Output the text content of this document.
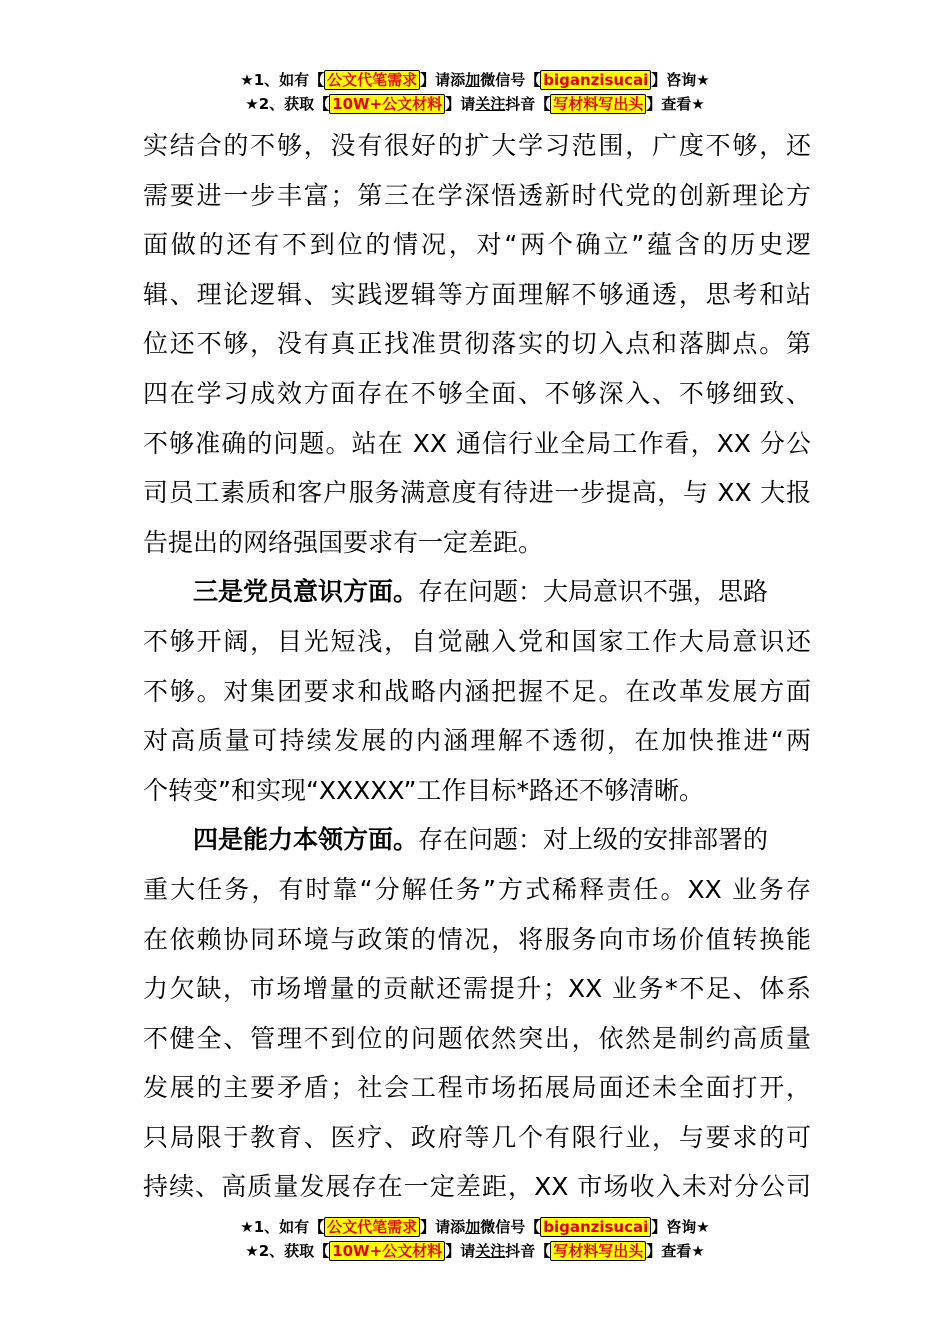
★1、如有【 公文代笔需求 】请添加微信号【 biganzisucai 】咨询★
★2、获取【 10W+公文材料 】请关注抖音【 写材料写出头 】查看★
实结合的不够，没有很好的扩大学习范围，广度不够，还
需要进一步丰富；第三在学深悟透新时代党的创新理论方
面做的还有不到位的情况，对“两个确立”蕴含的历史逻
辑、理论逻辑、实践逻辑等方面理解不够通透，思考和站
位还不够，没有真正找准贯彻落实的切入点和落脚点。第
四在学习成效方面存在不够全面、不够深入、不够细致、
不够准确的问题。站在 XX 通信行业全局工作看，XX 分公
司员工素质和客户服务满意度有待进一步提高，与 XX 大报
告提出的网络强国要求有一定差距。
三是党员意识方面。存在问题：大局意识不强，思路
不够开阔，目光短浅，自觉融入党和国家工作大局意识还
不够。对集团要求和战略内涵把握不足。在改革发展方面
对高质量可持续发展的内涵理解不透彻，在加快推进“两
个转变”和实现“XXXXX”工作目标*路还不够清晰。
四是能力本领方面。存在问题：对上级的安排部署的
重大任务，有时靠“分解任务”方式稀释责任。XX 业务存
在依赖协同环境与政策的情况，将服务向市场价值转换能
力欠缺，市场增量的贡献还需提升；XX 业务*不足、体系
不健全、管理不到位的问题依然突出，依然是制约高质量
发展的主要矛盾；社会工程市场拓展局面还未全面打开，
只局限于教育、医疗、政府等几个有限行业，与要求的可
持续、高质量发展存在一定差距，XX 市场收入未对分公司
★1、如有【 公文代笔需求 】请添加微信号【 biganzisucai 】咨询★
★2、获取【 10W+公文材料 】请关注抖音【 写材料写出头 】查看★
